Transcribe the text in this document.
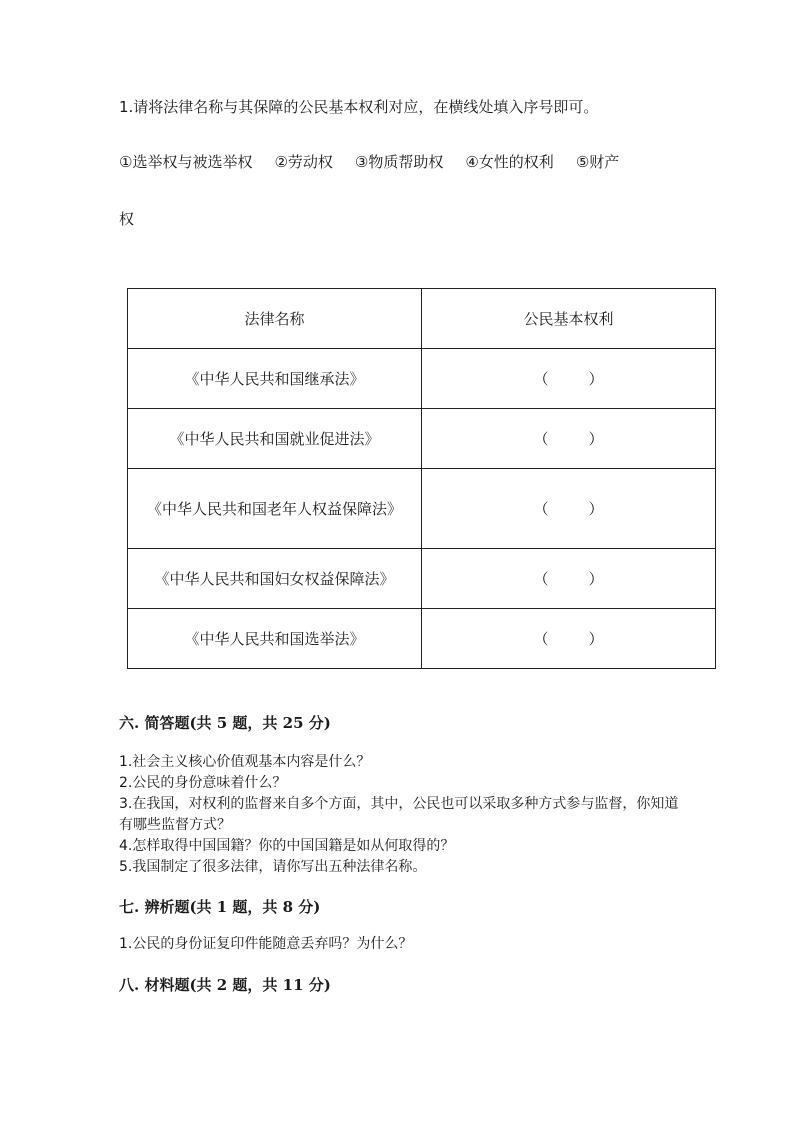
1.请将法律名称与其保障的公民基本权利对应，在横线处填入序号即可。
①选举权与被选举权 ②劳动权 ③物质帮助权 ④女性的权利 ⑤财产
权
法律名称	公民基本权利
《中华人民共和国继承法》	（ ）

《中华人民共和国就业促进法》	（ ）

《中华人民共和国老年人权益保障法》	（ ）

《中华人民共和国妇女权益保障法》	（ ）

《中华人民共和国选举法》	（ ）
六. 简答题(共 5 题，共 25 分)
1.社会主义核心价值观基本内容是什么？
2.公民的身份意味着什么？
3.在我国，对权利的监督来自多个方面，其中，公民也可以采取多种方式参与监督，你知道有哪些监督方式？
4.怎样取得中国国籍？你的中国国籍是如从何取得的？
5.我国制定了很多法律，请你写出五种法律名称。
七. 辨析题(共 1 题，共 8 分)
1.公民的身份证复印件能随意丢弃吗？为什么？
八. 材料题(共 2 题，共 11 分)
